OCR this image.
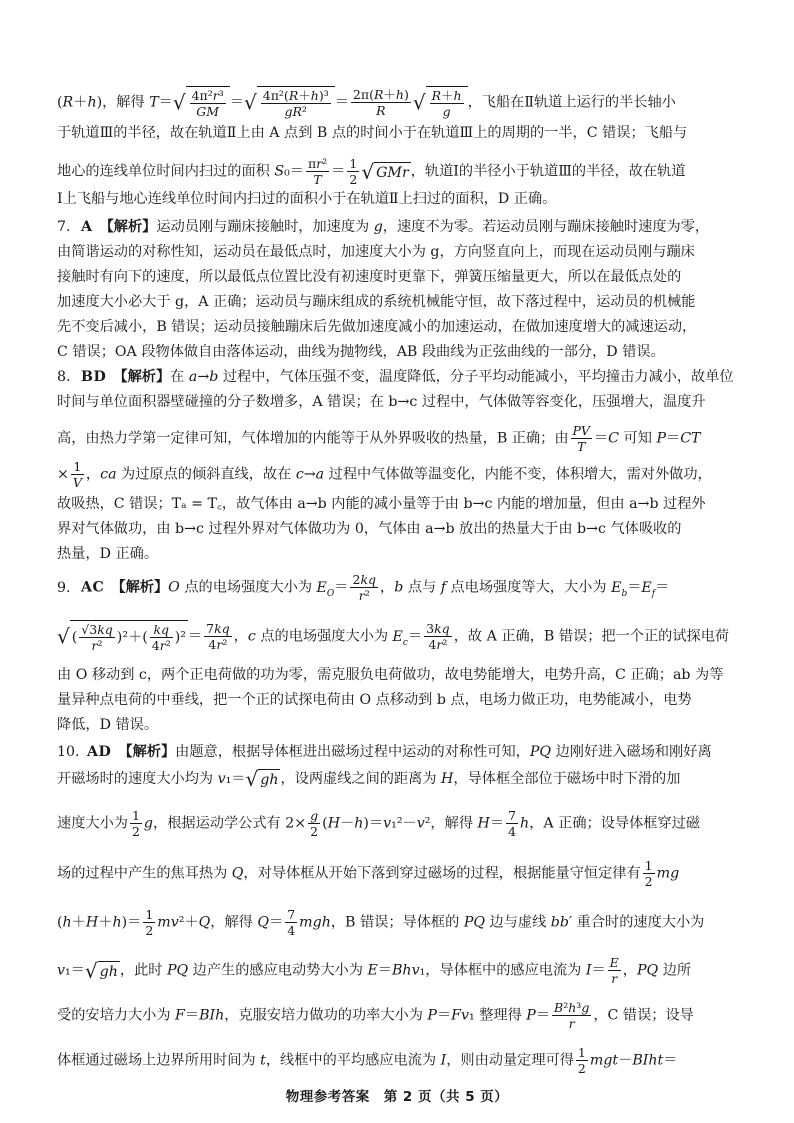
(R＋h)，解得 $T=√ \frac{\text{4π²r³}}{GM}$ ＝√ $\frac{\text{4π²(R＋h)³}}{\text{gR²}} = \frac{2\pi(R+h)}{R}$ √ $\frac{R+h}{g}$ ，飞船在Ⅱ轨道上运行的半长轴小
于轨道Ⅲ的半径，故在轨道Ⅱ上由 A 点到 B 点的时间小于在轨道Ⅲ上的周期的一半，C 错误；飞船与
地心的连线单位时间内扫过的面积 $S_0= \frac{\text{πr²}}{T} = \frac{1}{2}$ √ GMr ，轨道Ⅰ的半径小于轨道Ⅲ的半径，故在轨道
Ⅰ上飞船与地心连线单位时间内扫过的面积小于在轨道Ⅱ上扫过的面积，D 正确。
7. A　 【解析】运动员刚与蹦床接触时，加速度为 g，速度不为零。若运动员刚与蹦床接触时速度为零，
由简谐运动的对称性知，运动员在最低点时，加速度大小为 g，方向竖直向上，而现在运动员刚与蹦床
接触时有向下的速度，所以最低点位置比没有初速度时更靠下，弹簧压缩量更大，所以在最低点处的
加速度大小必大于 g，A 正确；运动员与蹦床组成的系统机械能守恒，故下落过程中，运动员的机械能
先不变后减小，B 错误；运动员接触蹦床后先做加速度减小的加速运动，在做加速度增大的减速运动，
C 错误；OA 段物体做自由落体运动，曲线为抛物线，AB 段曲线为正弦曲线的一部分，D 错误。
8. BD　 【解析】在 a→b 过程中，气体压强不变，温度降低，分子平均动能减小，平均撞击力减小，故单位
时间与单位面积器壁碰撞的分子数增多，A 错误；在 b→c 过程中，气体做等容变化，压强增大，温度升
高，由热力学第一定律可知，气体增加的内能等于从外界吸收的热量，B 正确；由 $\frac{PV}{T} =C$ 可知 P＝CT
× $\frac{1}{V}$ ，ca 为过原点的倾斜直线，故在 c→a 过程中气体做等温变化，内能不变，体积增大，需对外做功，
故吸热，C 错误；Tₐ = T꜀，故气体由 a→b 内能的减小量等于由 b→c 内能的增加量，但由 a→b 过程外
界对气体做功，由 b→c 过程外界对气体做功为 0，气体由 a→b 放出的热量大于由 b→c 气体吸收的
热量，D 正确。
9. AC　 【解析】O 点的电场强度大小为 $E_O= \frac{2kq}{\text{r²}}$ ，b 点与 f 点电场强度等大，大小为 $E_b=E_f=$
√ ( $\frac{√3kq}{\text{r²}} )^2+( \frac{kq}{\text{4r²}} )^2 = \frac{7kq}{\text{4r²}}$ ，c 点的电场强度大小为 $E_c= \frac{3kq}{\text{4r²}}$ ，故 A 正确，B 错误；把一个正的试探电荷
由 O 移动到 c，两个正电荷做的功为零，需克服负电荷做功，故电势能增大，电势升高，C 正确；ab 为等
量异种点电荷的中垂线，把一个正的试探电荷由 O 点移动到 b 点，电场力做正功，电势能减小，电势
降低，D 错误。
10. AD　 【解析】由题意，根据导体框进出磁场过程中运动的对称性可知，PQ 边刚好进入磁场和刚好离
开磁场时的速度大小均为 v₁＝√ gh ，设两虚线之间的距离为 H，导体框全部位于磁场中时下滑的加
速度大小为 $\frac{1}{2}$ g，根据运动学公式有 $2\times \frac{g}{2} (H-h)=v_1^2-v^2$，解得 $H= \frac{7}{4}$ h，A 正确；设导体框穿过磁
场的过程中产生的焦耳热为 Q，对导体框从开始下落到穿过磁场的过程，根据能量守恒定律有 $\frac{1}{2}$ mg
$(h+H+h)= \frac{1}{2} mv^2+Q$，解得 $Q= \frac{7}{4}$ mgh，B 错误；导体框的 PQ 边与虚线 bb′ 重合时的速度大小为
v₁＝√ gh ，此时 PQ 边产生的感应电动势大小为 E＝Bhv₁，导体框中的感应电流为 $I= \frac{E}{r}$ ，PQ 边所
受的安培力大小为 F＝BIh，克服安培力做功的功率大小为 P＝Fv₁ 整理得 $P= \frac{\text{B²h³g}}{r}$ ，C 错误；设导
体框通过磁场上边界所用时间为 t，线框中的平均感应电流为 I，则由动量定理可得 $\frac{1}{2}$ mgt－BIht＝
物理参考答案　第 2 页（共 5 页）
